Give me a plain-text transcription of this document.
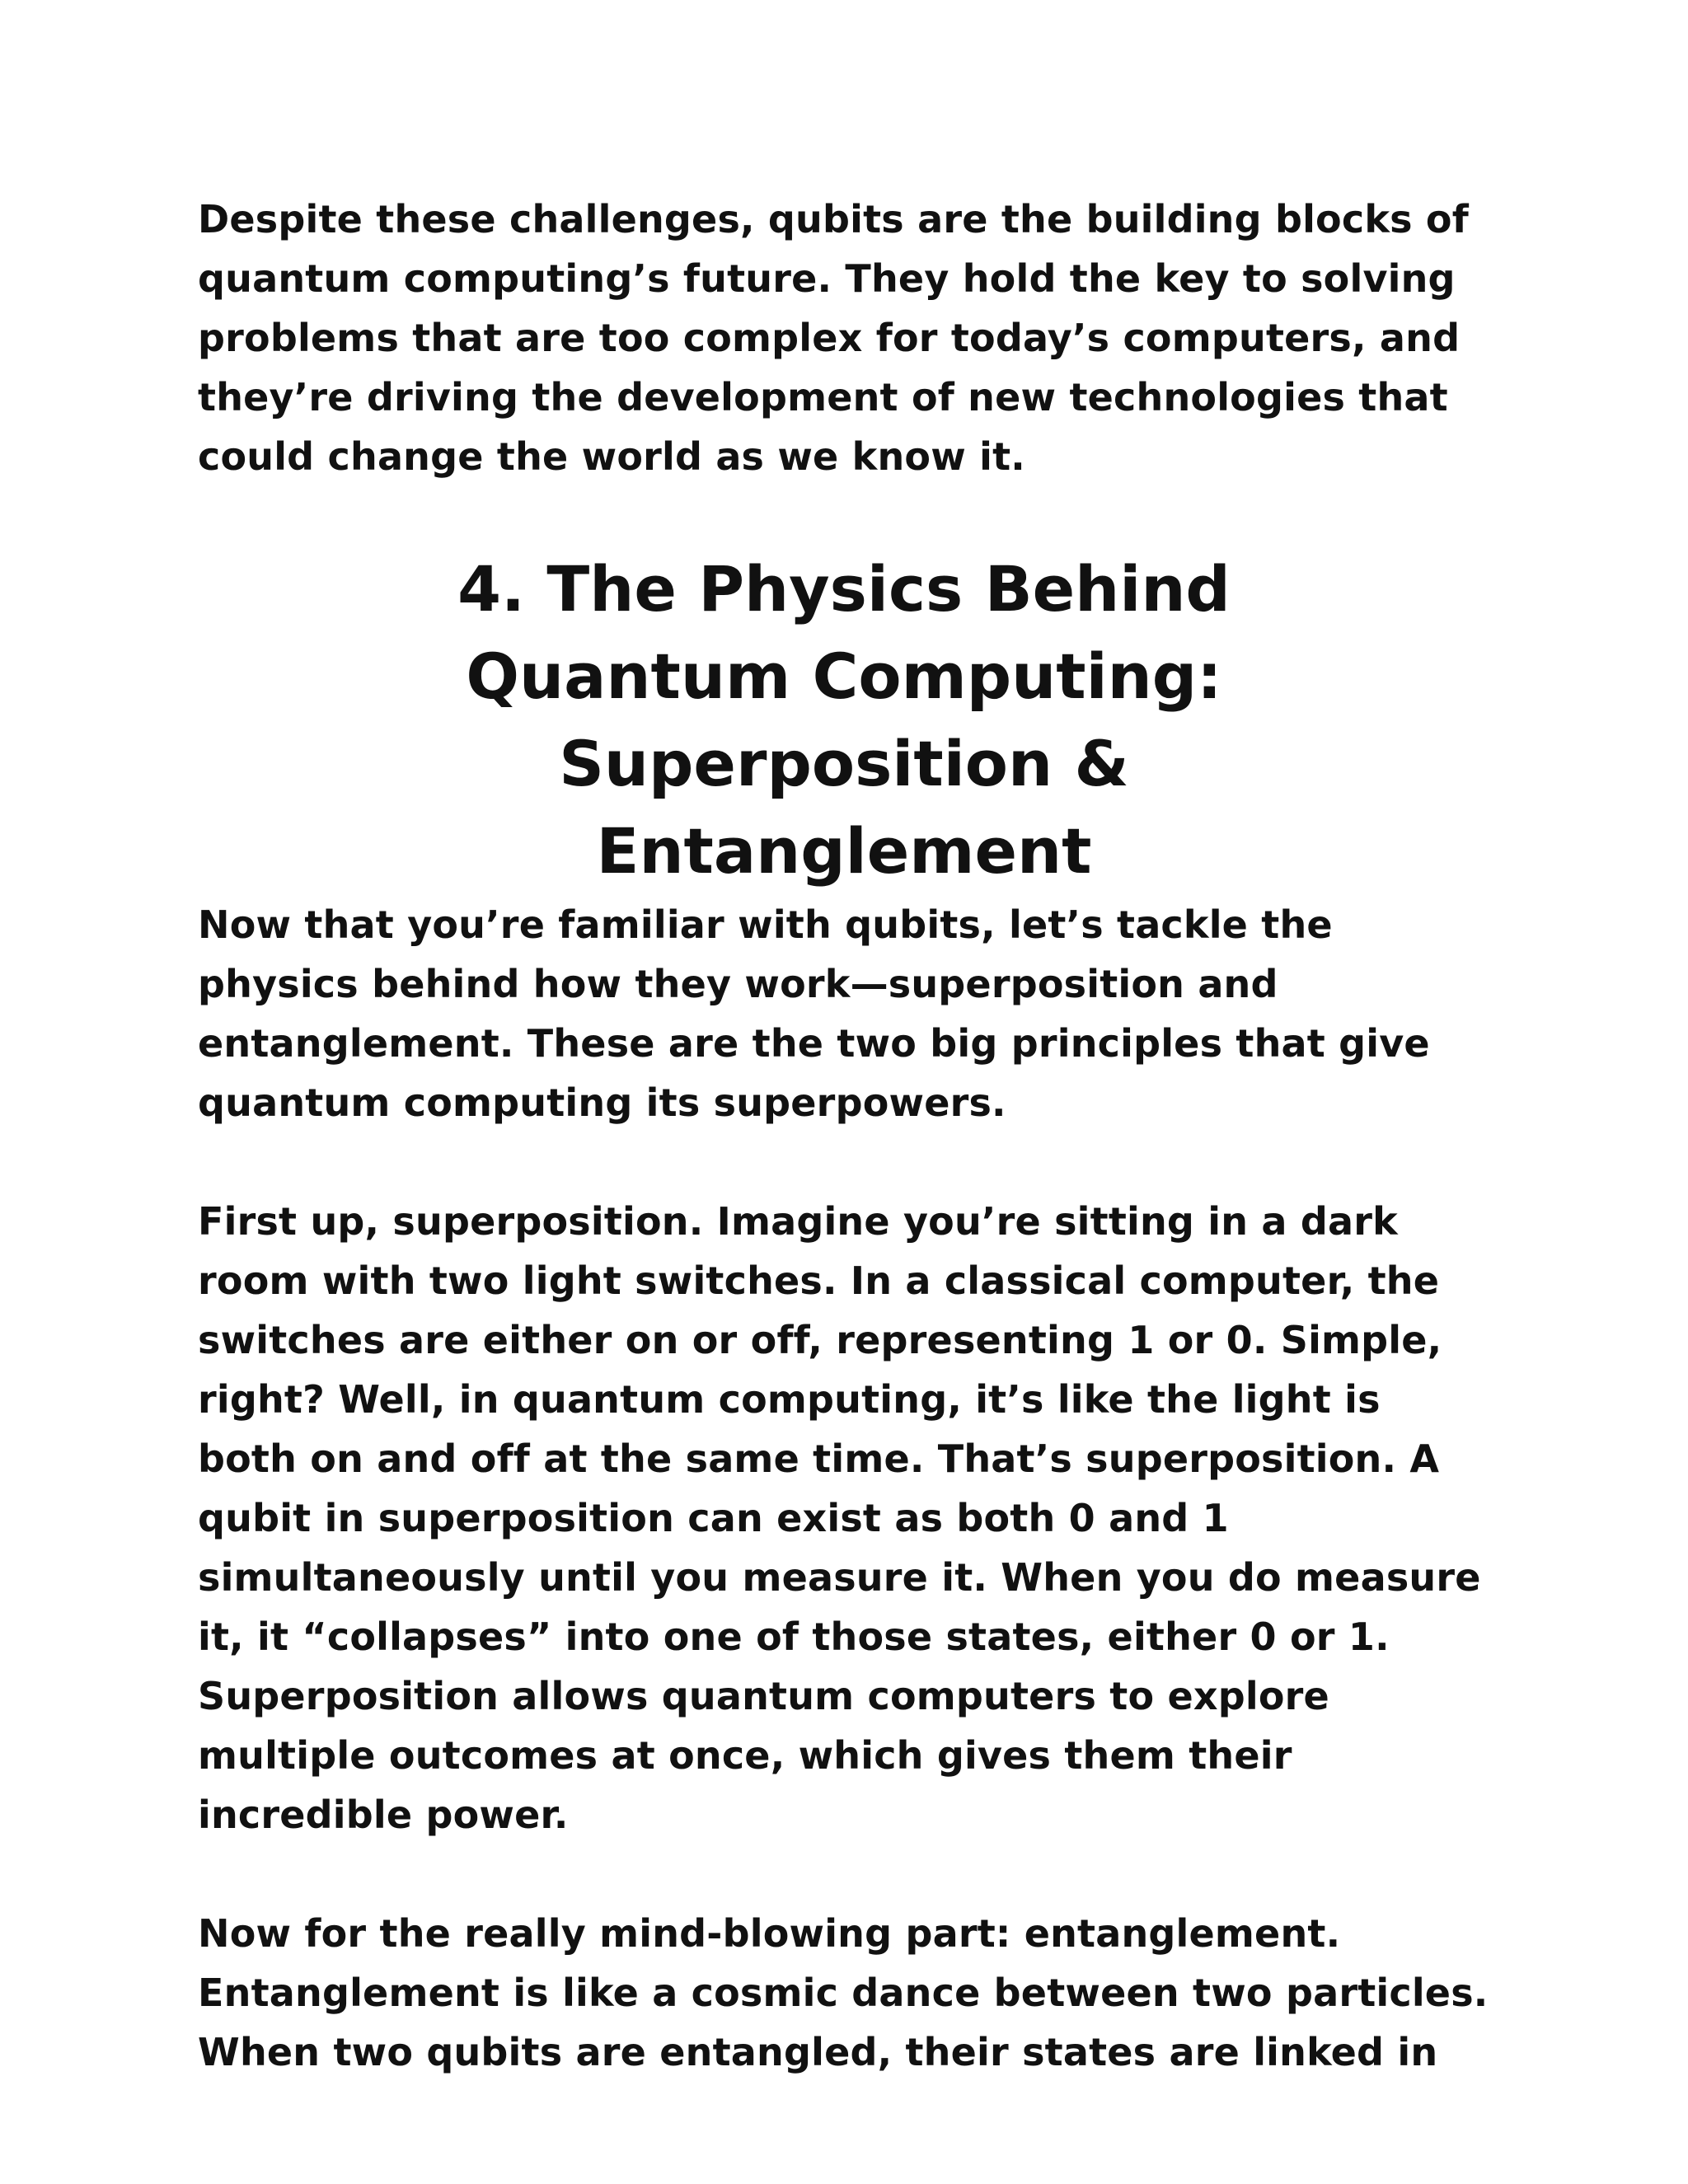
Despite these challenges, qubits are the building blocks of quantum computing’s future. They hold the key to solving problems that are too complex for today’s computers, and they’re driving the development of new technologies that could change the world as we know it.

4. The Physics Behind Quantum Computing: Superposition & Entanglement

Now that you’re familiar with qubits, let’s tackle the physics behind how they work—superposition and entanglement. These are the two big principles that give quantum computing its superpowers.

First up, superposition. Imagine you’re sitting in a dark room with two light switches. In a classical computer, the switches are either on or off, representing 1 or 0. Simple, right? Well, in quantum computing, it’s like the light is both on and off at the same time. That’s superposition. A qubit in superposition can exist as both 0 and 1 simultaneously until you measure it. When you do measure it, it “collapses” into one of those states, either 0 or 1. Superposition allows quantum computers to explore multiple outcomes at once, which gives them their incredible power.

Now for the really mind-blowing part: entanglement. Entanglement is like a cosmic dance between two particles. When two qubits are entangled, their states are linked in
